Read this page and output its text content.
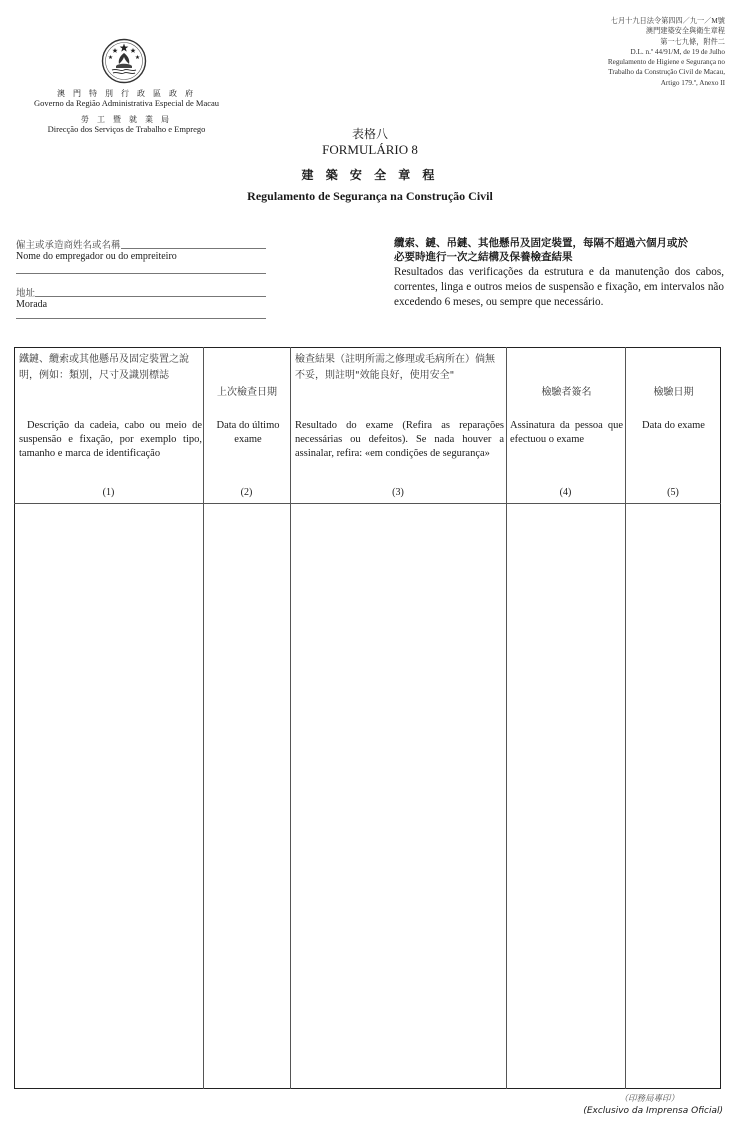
澳 門 特 別 行 政 區 政 府
Governo da Região Administrativa Especial de Macau
勞 工 暨 就 業 局
Direcção dos Serviços de Trabalho e Emprego
七月十九日法令第四四／九一／M號
澳門建築安全與衛生章程
第一七九條，附件二
D.L. n.º 44/91/M, de 19 de Julho
Regulamento de Higiene e Segurança no
Trabalho da Construção Civil de Macau,
Artigo 179.º, Anexo II
表格八
FORMULÁRIO 8
建 築 安 全 章 程
Regulamento de Segurança na Construção Civil
僱主或承造商姓名或名稱
Nome do empregador ou do empreiteiro
地址
Morada
纜索、鏈、吊鏈、其他懸吊及固定裝置，每隔不超過六個月或於
必要時進行一次之結構及保養檢查結果
Resultados das verificações da estrutura e da manutenção dos cabos, correntes, linga e outros meios de suspensão e fixação, em intervalos não excedendo 6 meses, ou sempre que necessário.
鐵鏈、纜索或其他懸吊及固定裝置之說明，例如：類別，尺寸及識別標誌
Descrição da cadeia, cabo ou meio de suspensão e fixação, por exemplo tipo, tamanho e marca de identificação
(1)
上次檢查日期
Data do último exame
(2)
檢查結果（註明所需之修理或毛病所在）倘無不妥，則註明"效能良好，使用安全"
Resultado do exame (Refira as reparações necessárias ou defeitos). Se nada houver a assinalar, refira: «em condições de segurança»
(3)
檢驗者簽名
Assinatura da pessoa que efectuou o exame
(4)
檢驗日期
Data do exame
(5)
（印務局專印）
(Exclusivo da Imprensa Oficial)
